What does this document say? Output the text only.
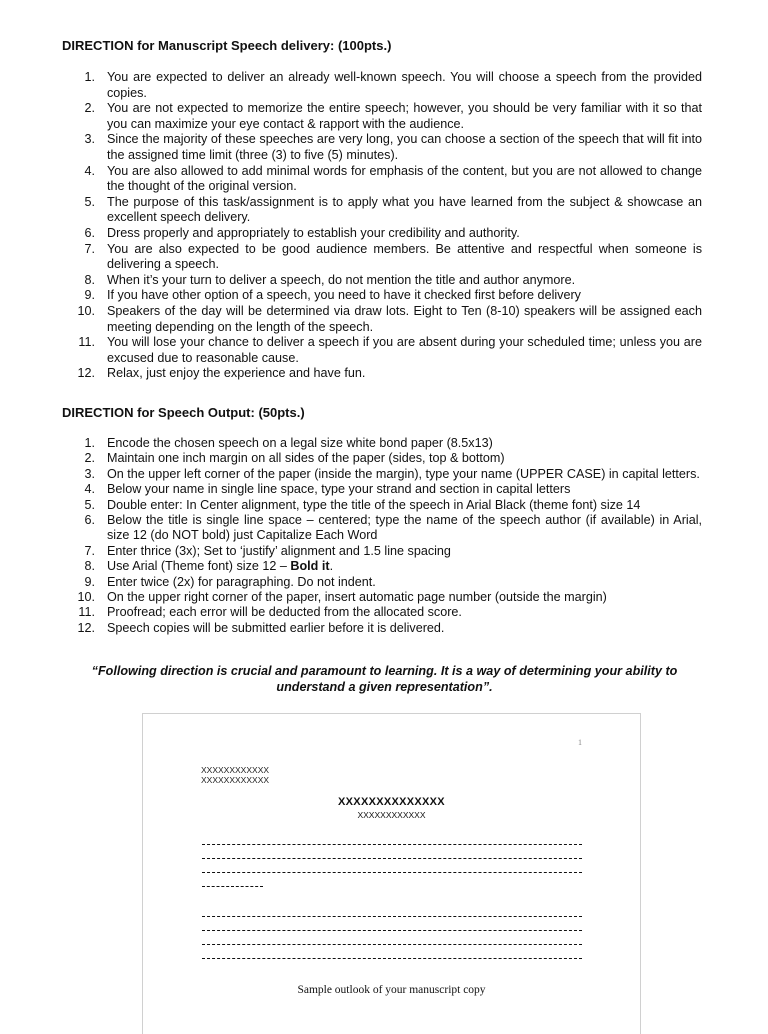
DIRECTION for Manuscript Speech delivery: (100pts.)
1. You are expected to deliver an already well-known speech. You will choose a speech from the provided copies.
2. You are not expected to memorize the entire speech; however, you should be very familiar with it so that you can maximize your eye contact & rapport with the audience.
3. Since the majority of these speeches are very long, you can choose a section of the speech that will fit into the assigned time limit (three (3) to five (5) minutes).
4. You are also allowed to add minimal words for emphasis of the content, but you are not allowed to change the thought of the original version.
5. The purpose of this task/assignment is to apply what you have learned from the subject & showcase an excellent speech delivery.
6. Dress properly and appropriately to establish your credibility and authority.
7. You are also expected to be good audience members. Be attentive and respectful when someone is delivering a speech.
8. When it’s your turn to deliver a speech, do not mention the title and author anymore.
9. If you have other option of a speech, you need to have it checked first before delivery
10. Speakers of the day will be determined via draw lots. Eight to Ten (8-10) speakers will be assigned each meeting depending on the length of the speech.
11. You will lose your chance to deliver a speech if you are absent during your scheduled time; unless you are excused due to reasonable cause.
12. Relax, just enjoy the experience and have fun.
DIRECTION for Speech Output: (50pts.)
1. Encode the chosen speech on a legal size white bond paper (8.5x13)
2. Maintain one inch margin on all sides of the paper (sides, top & bottom)
3. On the upper left corner of the paper (inside the margin), type your name (UPPER CASE) in capital letters.
4. Below your name in single line space, type your strand and section in capital letters
5. Double enter: In Center alignment, type the title of the speech in Arial Black (theme font) size 14
6. Below the title is single line space – centered; type the name of the speech author (if available) in Arial, size 12 (do NOT bold) just Capitalize Each Word
7. Enter thrice (3x); Set to ‘justify’ alignment and 1.5 line spacing
8. Use Arial (Theme font) size 12 – Bold it.
9. Enter twice (2x) for paragraphing. Do not indent.
10. On the upper right corner of the paper, insert automatic page number (outside the margin)
11. Proofread; each error will be deducted from the allocated score.
12. Speech copies will be submitted earlier before it is delivered.
“Following direction is crucial and paramount to learning. It is a way of determining your ability to understand a given representation”.
1
XXXXXXXXXXXX
XXXXXXXXXXXX
XXXXXXXXXXXXXX
XXXXXXXXXXXX
Sample outlook of your manuscript copy
